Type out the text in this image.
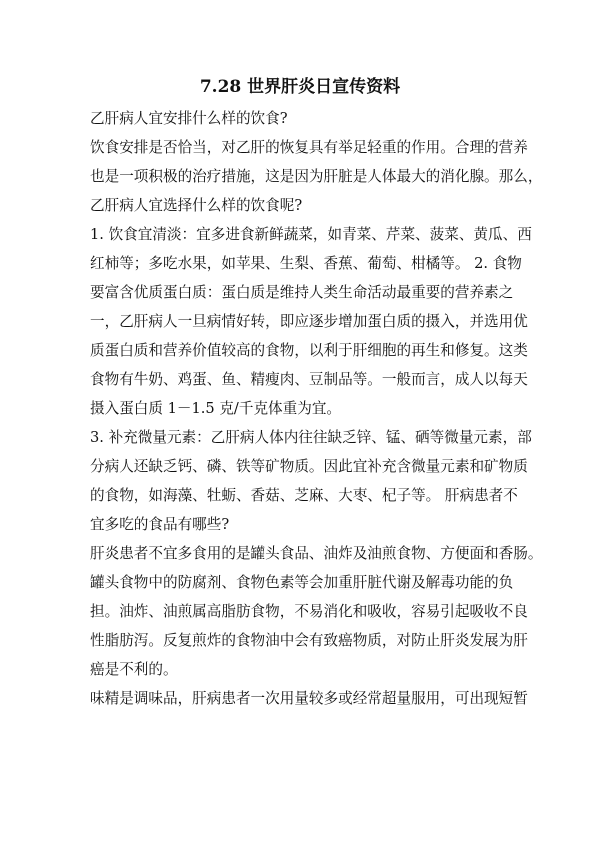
7.28 世界肝炎日宣传资料
乙肝病人宜安排什么样的饮食?
饮食安排是否恰当，对乙肝的恢复具有举足轻重的作用。合理的营养
也是一项积极的治疗措施，这是因为肝脏是人体最大的消化腺。那么，
乙肝病人宜选择什么样的饮食呢?
1. 饮食宜清淡：宜多进食新鲜蔬菜，如青菜、芹菜、菠菜、黄瓜、西
红柿等；多吃水果，如苹果、生梨、香蕉、葡萄、柑橘等。 2. 食物
要富含优质蛋白质：蛋白质是维持人类生命活动最重要的营养素之
一，乙肝病人一旦病情好转，即应逐步增加蛋白质的摄入，并选用优
质蛋白质和营养价值较高的食物，以利于肝细胞的再生和修复。这类
食物有牛奶、鸡蛋、鱼、精瘦肉、豆制品等。一般而言，成人以每天
摄入蛋白质 1－1.5 克/千克体重为宜。
3. 补充微量元素：乙肝病人体内往往缺乏锌、锰、硒等微量元素，部
分病人还缺乏钙、磷、铁等矿物质。因此宜补充含微量元素和矿物质
的食物，如海藻、牡蛎、香菇、芝麻、大枣、杞子等。 肝病患者不
宜多吃的食品有哪些?
肝炎患者不宜多食用的是罐头食品、油炸及油煎食物、方便面和香肠。
罐头食物中的防腐剂、食物色素等会加重肝脏代谢及解毒功能的负
担。油炸、油煎属高脂肪食物，不易消化和吸收，容易引起吸收不良
性脂肪泻。反复煎炸的食物油中会有致癌物质，对防止肝炎发展为肝
癌是不利的。
味精是调味品，肝病患者一次用量较多或经常超量服用，可出现短暂
